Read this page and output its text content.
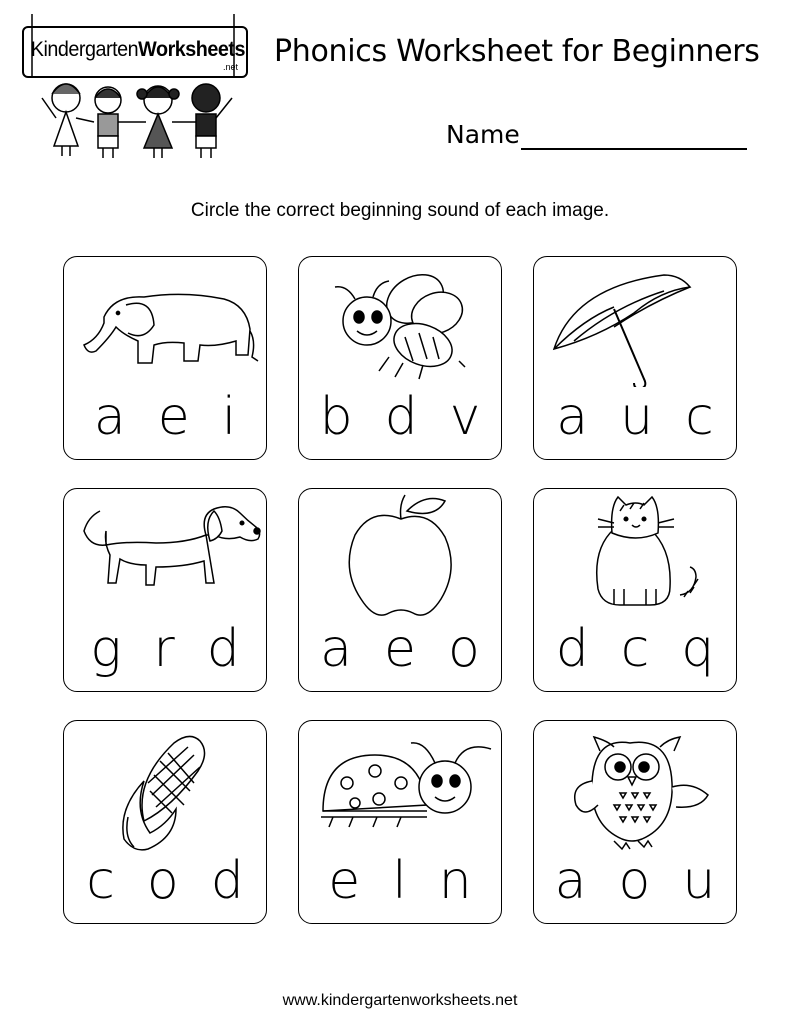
KindergartenWorksheets
.net Phonics Worksheet for Beginners
Name
Circle the correct beginning sound of each image.
a e i b d v a u c
g r d a e o d c q
c o d e l n a o u
www.kindergartenworksheets.net
